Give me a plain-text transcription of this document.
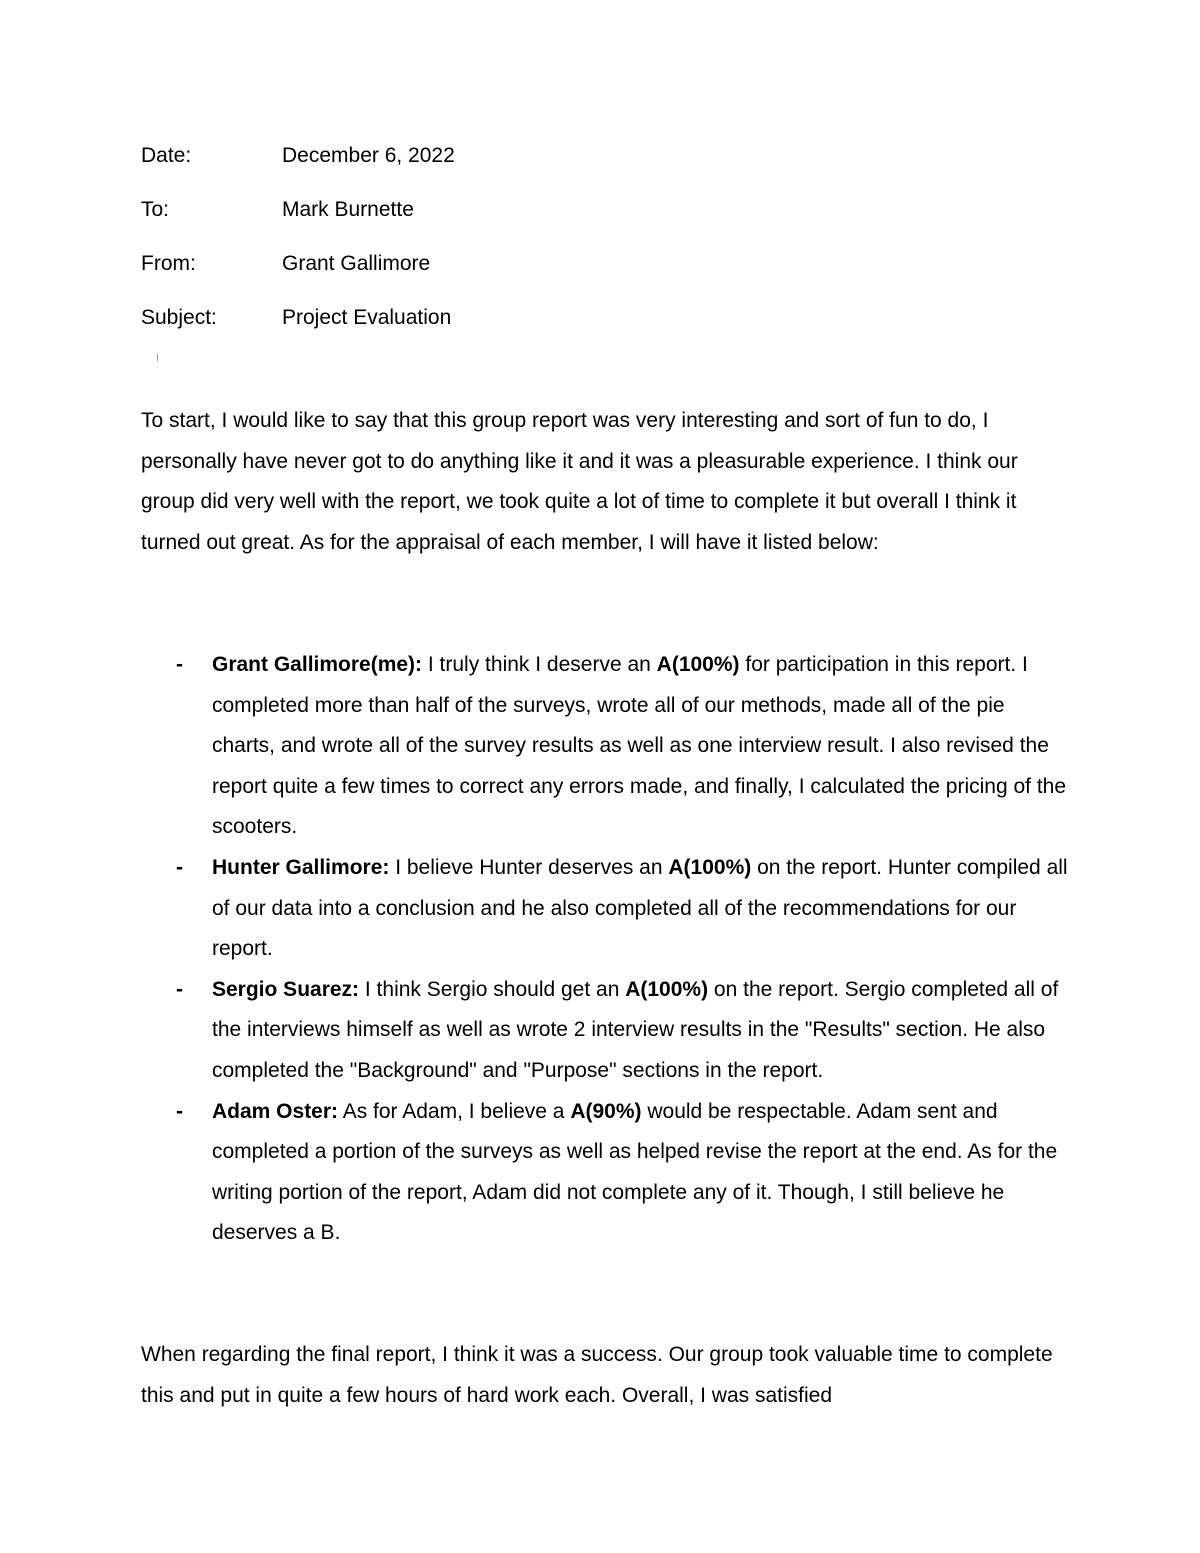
Date:	December 6, 2022
To:	Mark Burnette
From:	Grant Gallimore
Subject:	Project Evaluation

To start, I would like to say that this group report was very interesting and sort of fun to do, I personally have never got to do anything like it and it was a pleasurable experience. I think our group did very well with the report, we took quite a lot of time to complete it but overall I think it turned out great. As for the appraisal of each member, I will have it listed below:

- Grant Gallimore(me): I truly think I deserve an A(100%) for participation in this report. I completed more than half of the surveys, wrote all of our methods, made all of the pie charts, and wrote all of the survey results as well as one interview result. I also revised the report quite a few times to correct any errors made, and finally, I calculated the pricing of the scooters.
- Hunter Gallimore: I believe Hunter deserves an A(100%) on the report. Hunter compiled all of our data into a conclusion and he also completed all of the recommendations for our report.
- Sergio Suarez: I think Sergio should get an A(100%) on the report. Sergio completed all of the interviews himself as well as wrote 2 interview results in the "Results" section. He also completed the "Background" and "Purpose" sections in the report.
- Adam Oster: As for Adam, I believe a A(90%) would be respectable. Adam sent and completed a portion of the surveys as well as helped revise the report at the end. As for the writing portion of the report, Adam did not complete any of it. Though, I still believe he deserves a B.

When regarding the final report, I think it was a success. Our group took valuable time to complete this and put in quite a few hours of hard work each. Overall, I was satisfied
